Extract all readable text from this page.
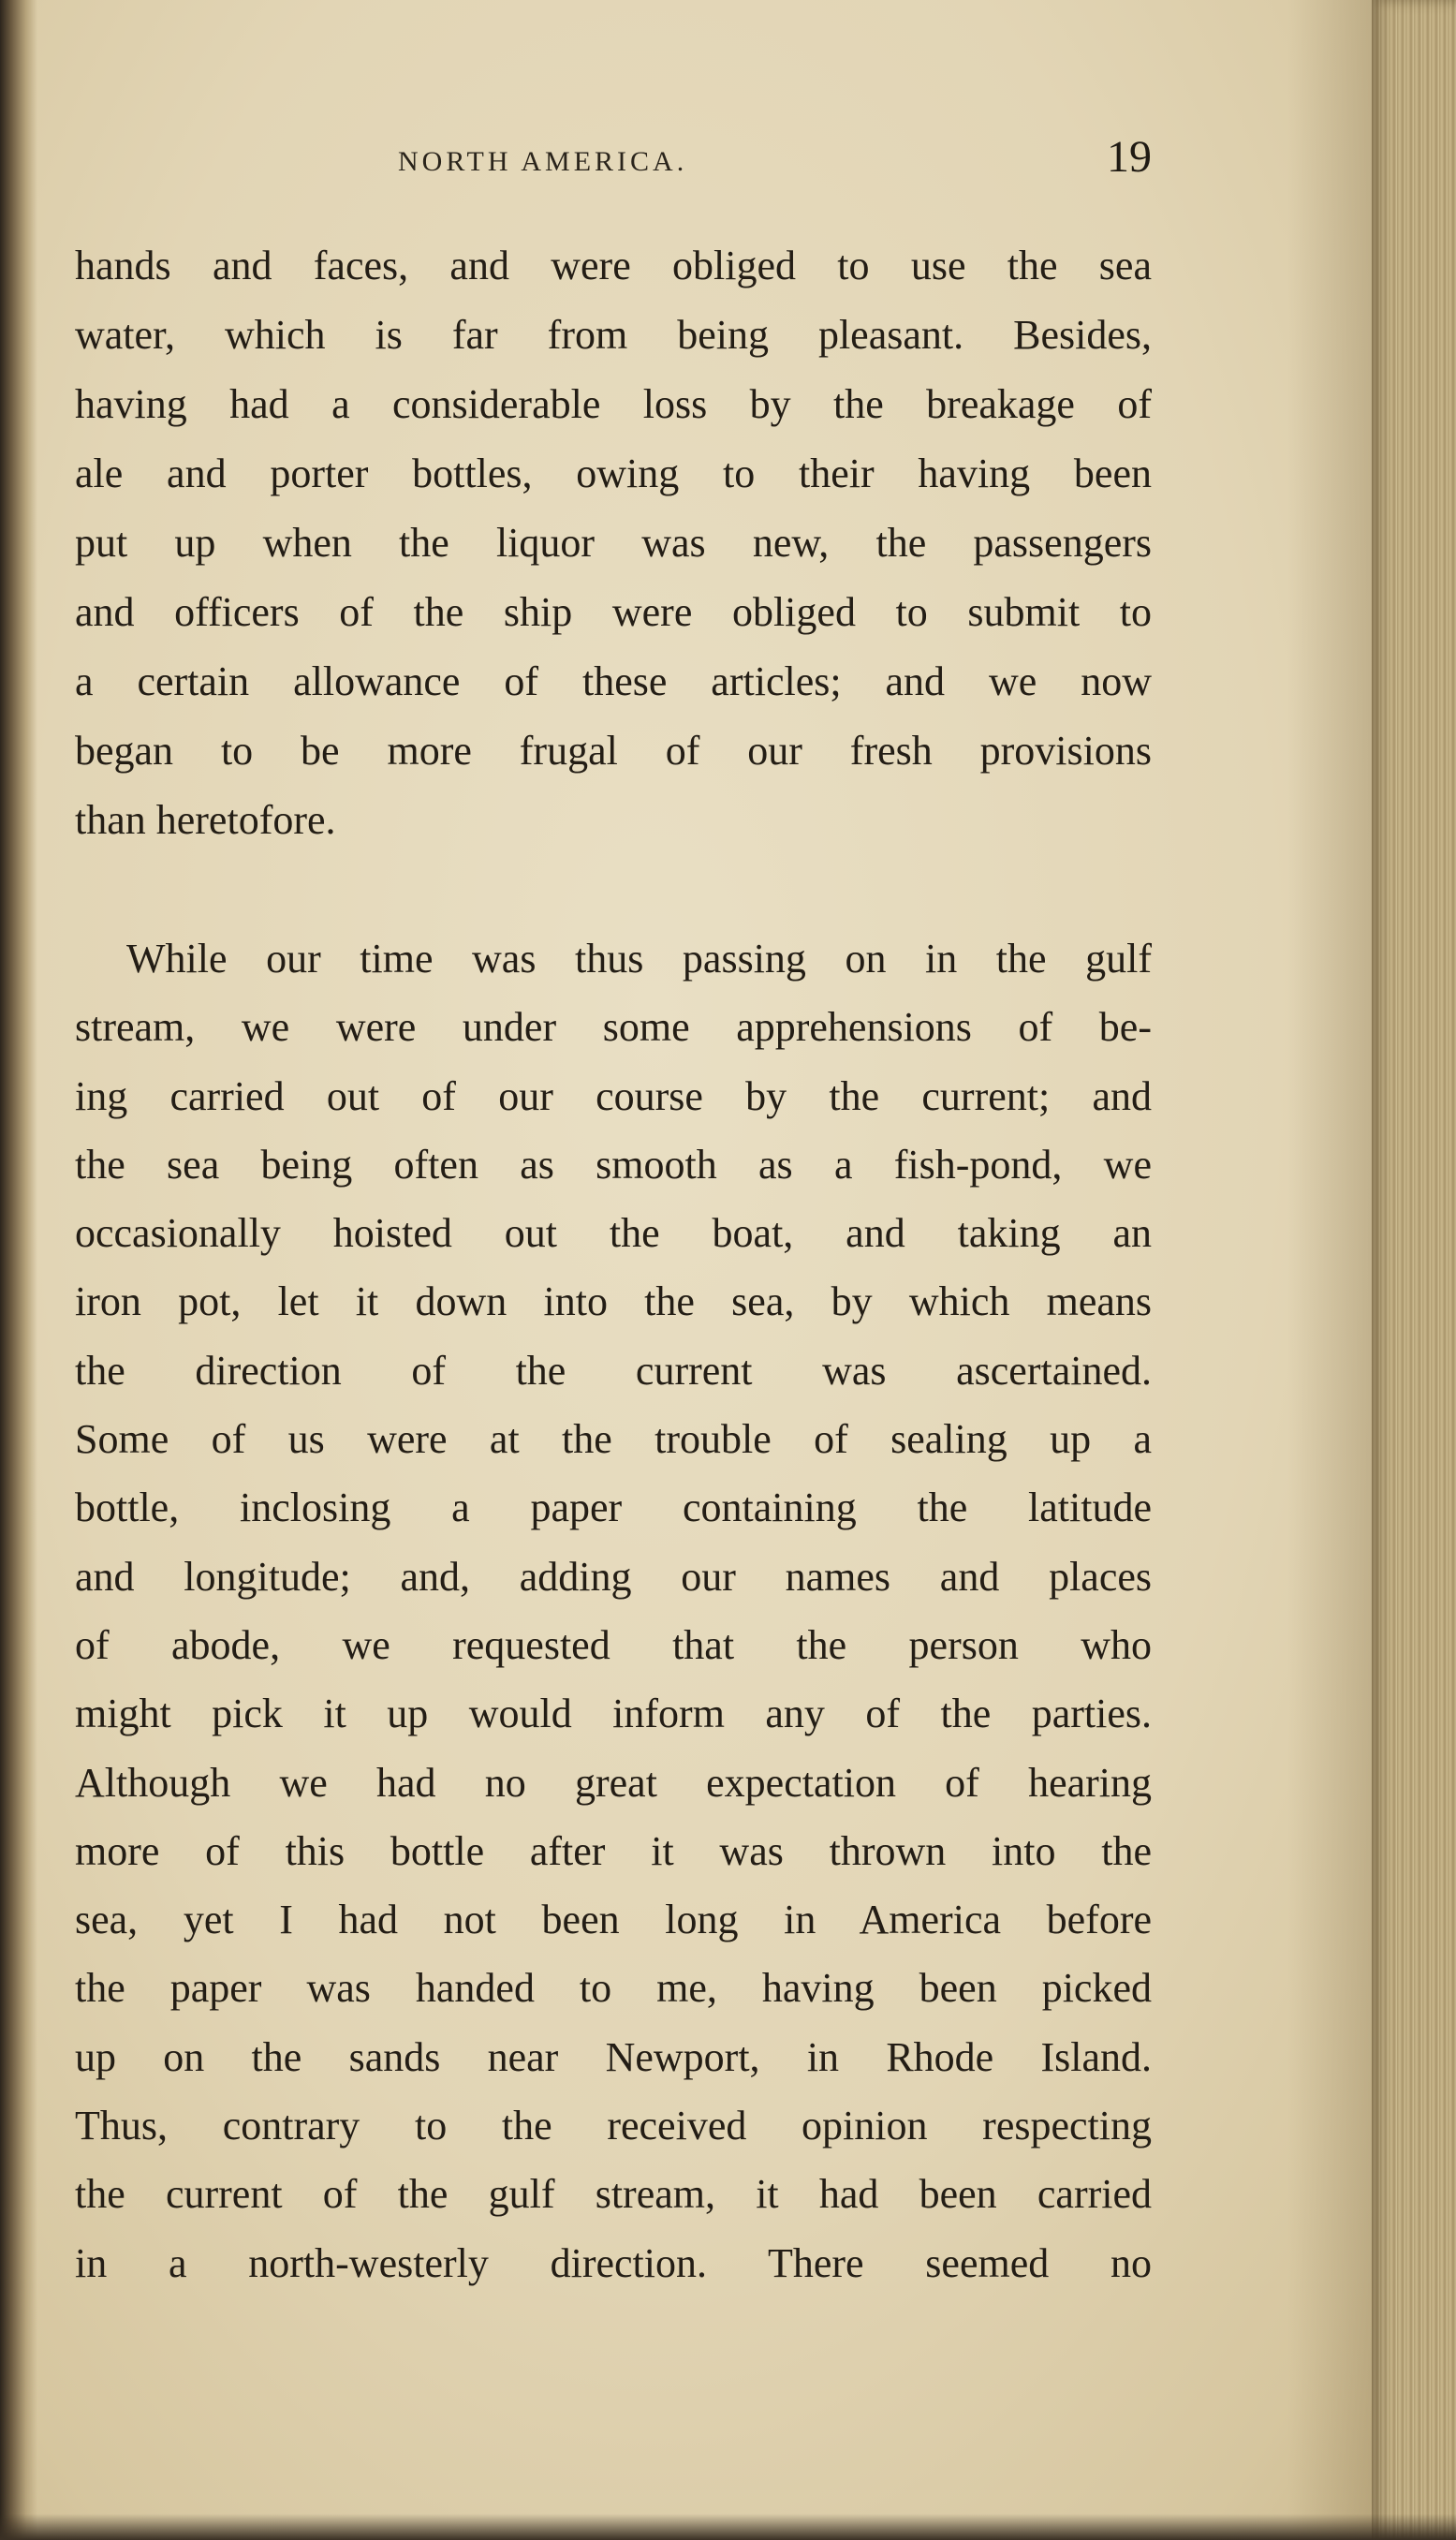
NORTH AMERICA.	19

hands and faces, and were obliged to use the sea
water, which is far from being pleasant. Besides,
having had a considerable loss by the breakage of
ale and porter bottles, owing to their having been
put up when the liquor was new, the passengers
and officers of the ship were obliged to submit to
a certain allowance of these articles; and we now
began to be more frugal of our fresh provisions
than heretofore.

While our time was thus passing on in the gulf
stream, we were under some apprehensions of be-
ing carried out of our course by the current; and
the sea being often as smooth as a fish-pond, we
occasionally hoisted out the boat, and taking an
iron pot, let it down into the sea, by which means
the direction of the current was ascertained.
Some of us were at the trouble of sealing up a
bottle, inclosing a paper containing the latitude
and longitude; and, adding our names and places
of abode, we requested that the person who
might pick it up would inform any of the parties.
Although we had no great expectation of hearing
more of this bottle after it was thrown into the
sea, yet I had not been long in America before
the paper was handed to me, having been picked
up on the sands near Newport, in Rhode Island.
Thus, contrary to the received opinion respecting
the current of the gulf stream, it had been carried
in a north-westerly direction. There seemed no
